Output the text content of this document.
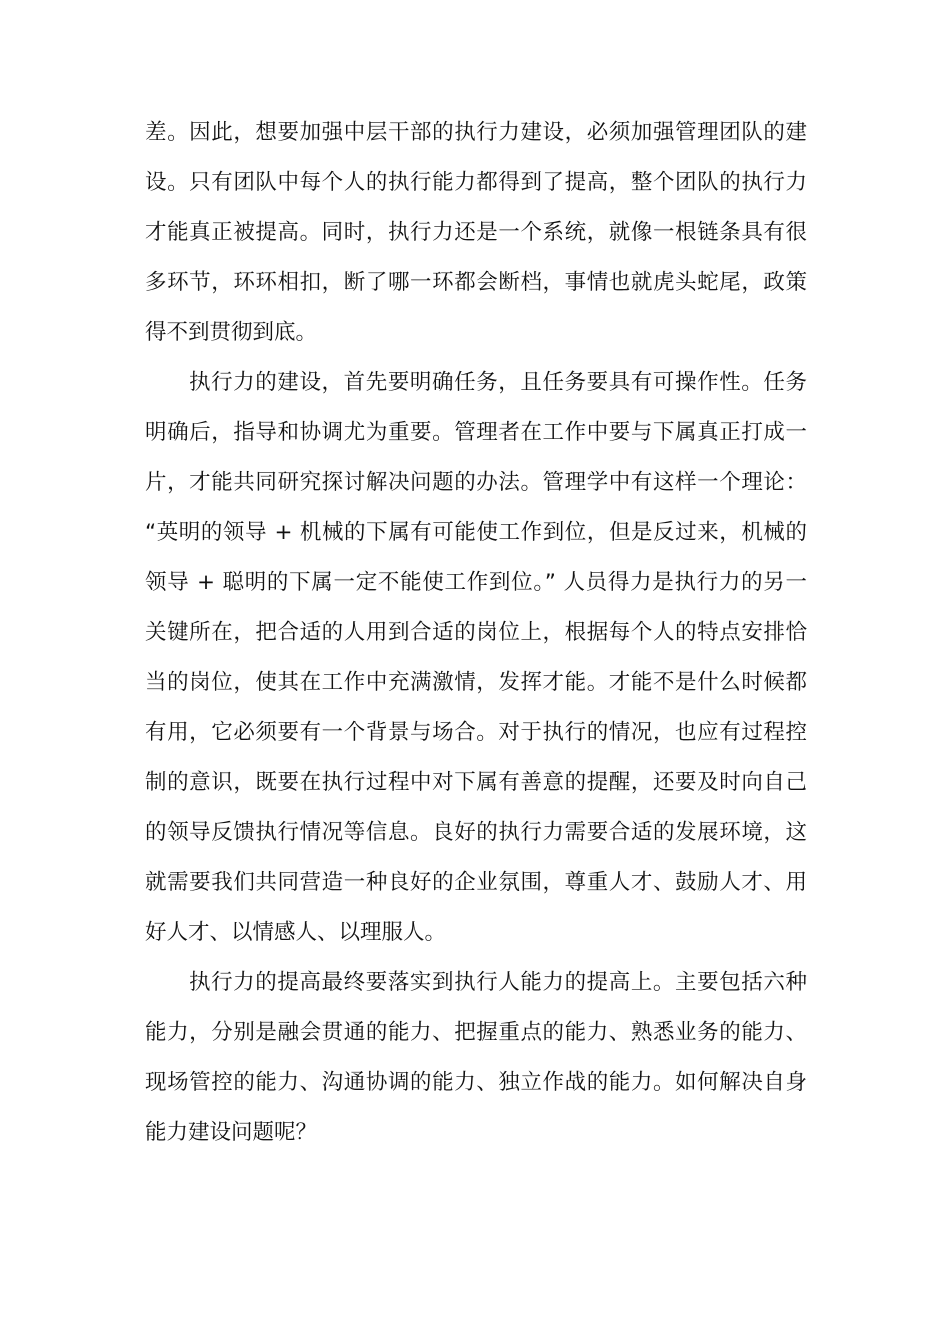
差。因此，想要加强中层干部的执行力建设，必须加强管理团队的建
设。只有团队中每个人的执行能力都得到了提高，整个团队的执行力
才能真正被提高。同时，执行力还是一个系统，就像一根链条具有很
多环节，环环相扣，断了哪一环都会断档，事情也就虎头蛇尾，政策
得不到贯彻到底。
执行力的建设，首先要明确任务，且任务要具有可操作性。任务
明确后，指导和协调尤为重要。管理者在工作中要与下属真正打成一
片，才能共同研究探讨解决问题的办法。管理学中有这样一个理论：
“英明的领导 + 机械的下属有可能使工作到位，但是反过来，机械的
领导 + 聪明的下属一定不能使工作到位。” 人员得力是执行力的另一
关键所在，把合适的人用到合适的岗位上，根据每个人的特点安排恰
当的岗位，使其在工作中充满激情，发挥才能。才能不是什么时候都
有用，它必须要有一个背景与场合。对于执行的情况，也应有过程控
制的意识，既要在执行过程中对下属有善意的提醒，还要及时向自己
的领导反馈执行情况等信息。良好的执行力需要合适的发展环境，这
就需要我们共同营造一种良好的企业氛围，尊重人才、鼓励人才、用
好人才、以情感人、以理服人。
执行力的提高最终要落实到执行人能力的提高上。主要包括六种
能力，分别是融会贯通的能力、把握重点的能力、熟悉业务的能力、
现场管控的能力、沟通协调的能力、独立作战的能力。如何解决自身
能力建设问题呢？
